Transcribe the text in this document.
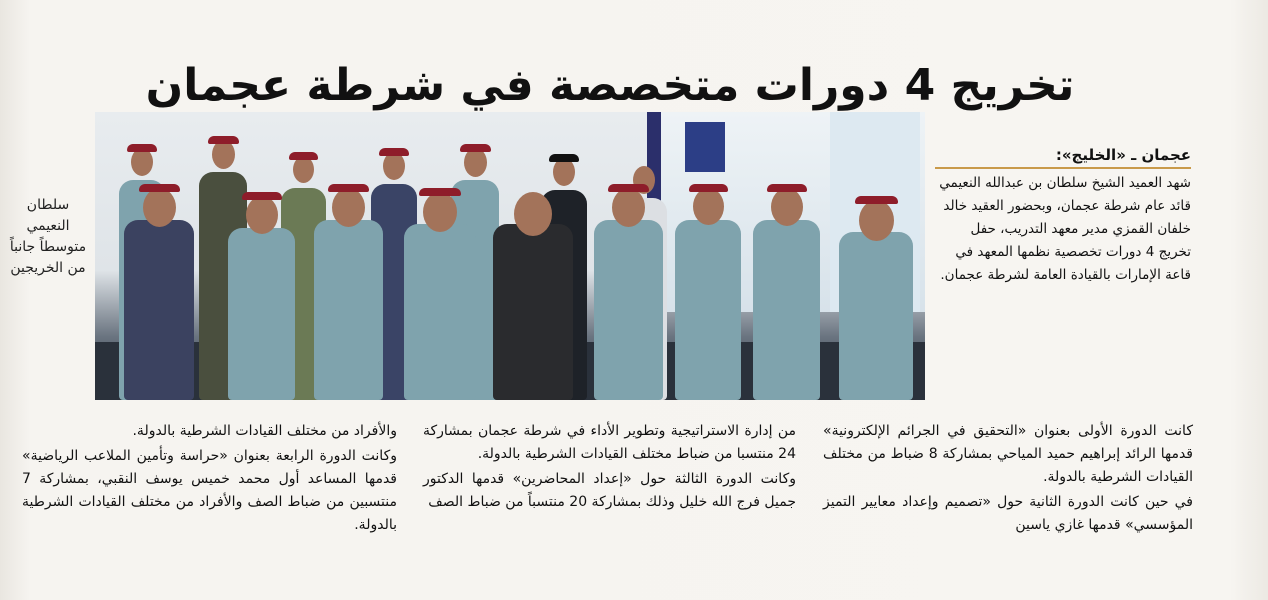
تخريج 4 دورات متخصصة في شرطة عجمان
سلطان النعيمي متوسطاً جانباً من الخريجين
عجمان ـ «الخليج»:
شهد العميد الشيخ سلطان بن عبدالله النعيمي قائد عام شرطة عجمان، وبحضور العقيد خالد خلفان القمزي مدير معهد التدريب، حفل تخريج 4 دورات تخصصية نظمها المعهد في قاعة الإمارات بالقيادة العامة لشرطة عجمان.

كانت الدورة الأولى بعنوان «التحقيق في الجرائم الإلكترونية» قدمها الرائد إبراهيم حميد المياحي بمشاركة 8 ضباط من مختلف القيادات الشرطية بالدولة.

في حين كانت الدورة الثانية حول «تصميم وإعداد معايير التميز المؤسسي» قدمها غازي ياسين

من إدارة الاستراتيجية وتطوير الأداء في شرطة عجمان بمشاركة 24 منتسبا من ضباط مختلف القيادات الشرطية بالدولة.

وكانت الدورة الثالثة حول «إعداد المحاضرين» قدمها الدكتور جميل فرج الله خليل وذلك بمشاركة 20 منتسباً من ضباط الصف

والأفراد من مختلف القيادات الشرطية بالدولة.

وكانت الدورة الرابعة بعنوان «حراسة وتأمين الملاعب الرياضية» قدمها المساعد أول محمد خميس يوسف النقبي، بمشاركة 7 منتسبين من ضباط الصف والأفراد من مختلف القيادات الشرطية بالدولة.
